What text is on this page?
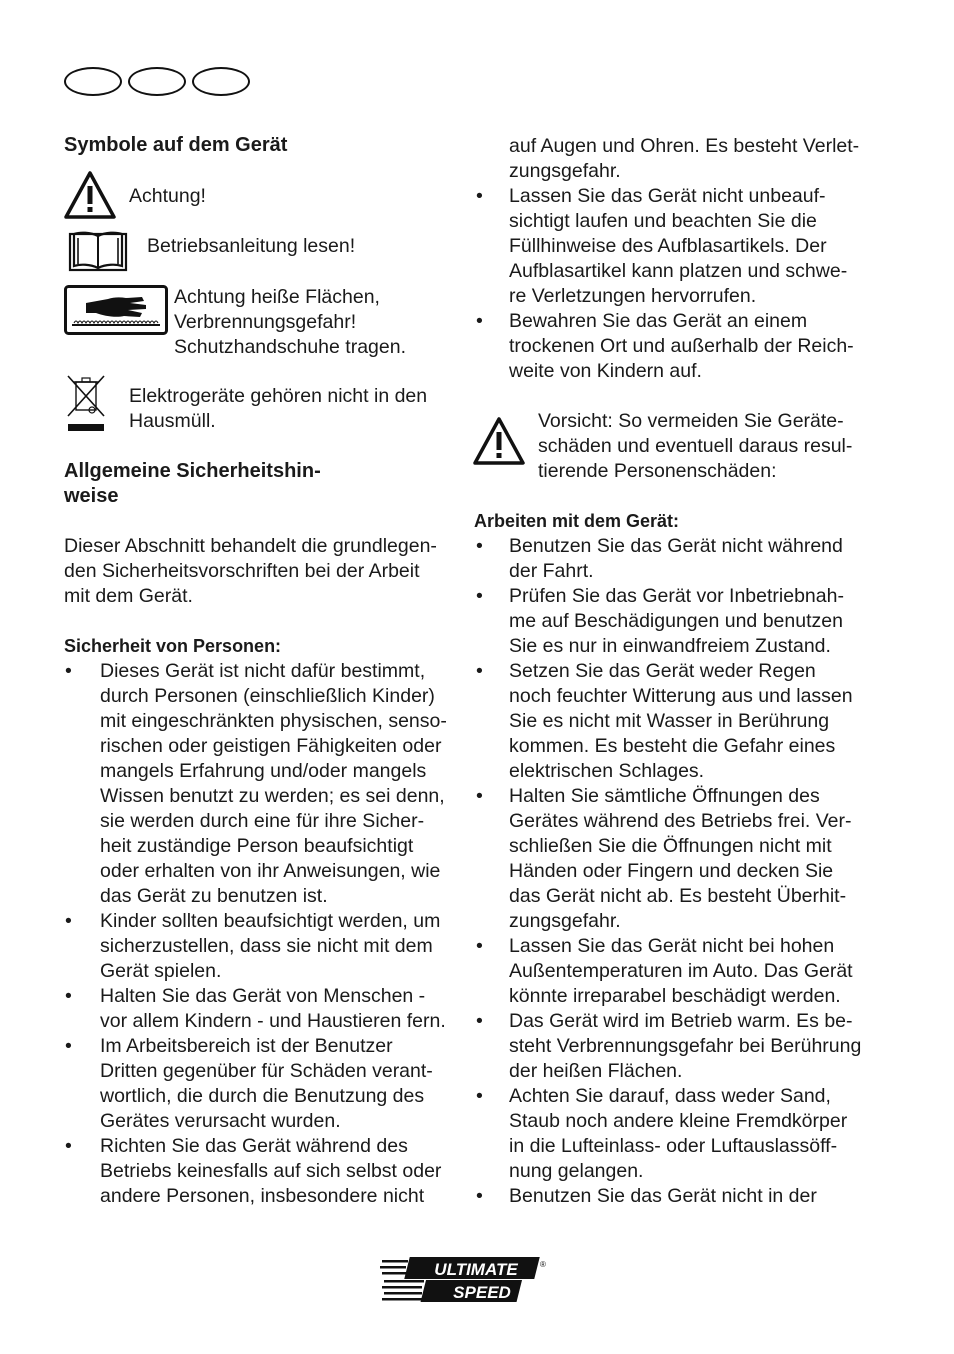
Symbole auf dem Gerät
Achtung!
Betriebsanleitung lesen!
Achtung heiße Flächen,
Verbrennungsgefahr!
Schutzhandschuhe tragen.
Elektrogeräte gehören nicht in den
Hausmüll.
Allgemeine Sicherheitshin-
weise
Dieser Abschnitt behandelt die grundlegen-
den Sicherheitsvorschriften bei der Arbeit
mit dem Gerät.
Sicherheit von Personen:
• Dieses Gerät ist nicht dafür bestimmt,
durch Personen (einschließlich Kinder)
mit eingeschränkten physischen, senso-
rischen oder geistigen Fähigkeiten oder
mangels Erfahrung und/oder mangels
Wissen benutzt zu werden; es sei denn,
sie werden durch eine für ihre Sicher-
heit zuständige Person beaufsichtigt
oder erhalten von ihr Anweisungen, wie
das Gerät zu benutzen ist.
• Kinder sollten beaufsichtigt werden, um
sicherzustellen, dass sie nicht mit dem
Gerät spielen.
• Halten Sie das Gerät von Menschen -
vor allem Kindern - und Haustieren fern.
• Im Arbeitsbereich ist der Benutzer
Dritten gegenüber für Schäden verant-
wortlich, die durch die Benutzung des
Gerätes verursacht wurden.
• Richten Sie das Gerät während des
Betriebs keinesfalls auf sich selbst oder
andere Personen, insbesondere nicht
auf Augen und Ohren. Es besteht Verlet-
zungsgefahr.
• Lassen Sie das Gerät nicht unbeauf-
sichtigt laufen und beachten Sie die
Füllhinweise des Aufblasartikels. Der
Aufblasartikel kann platzen und schwe-
re Verletzungen hervorrufen.
• Bewahren Sie das Gerät an einem
trockenen Ort und außerhalb der Reich-
weite von Kindern auf.
Vorsicht: So vermeiden Sie Geräte-
schäden und eventuell daraus resul-
tierende Personenschäden:
Arbeiten mit dem Gerät:
• Benutzen Sie das Gerät nicht während
der Fahrt.
• Prüfen Sie das Gerät vor Inbetriebnah-
me auf Beschädigungen und benutzen
Sie es nur in einwandfreiem Zustand.
• Setzen Sie das Gerät weder Regen
noch feuchter Witterung aus und lassen
Sie es nicht mit Wasser in Berührung
kommen. Es besteht die Gefahr eines
elektrischen Schlages.
• Halten Sie sämtliche Öffnungen des
Gerätes während des Betriebs frei. Ver-
schließen Sie die Öffnungen nicht mit
Händen oder Fingern und decken Sie
das Gerät nicht ab. Es besteht Überhit-
zungsgefahr.
• Lassen Sie das Gerät nicht bei hohen
Außentemperaturen im Auto. Das Gerät
könnte irreparabel beschädigt werden.
• Das Gerät wird im Betrieb warm. Es be-
steht Verbrennungsgefahr bei Berührung
der heißen Flächen.
• Achten Sie darauf, dass weder Sand,
Staub noch andere kleine Fremdkörper
in die Lufteinlass- oder Luftauslassöff-
nung gelangen.
• Benutzen Sie das Gerät nicht in der
ULTIMATE
SPEED
®
